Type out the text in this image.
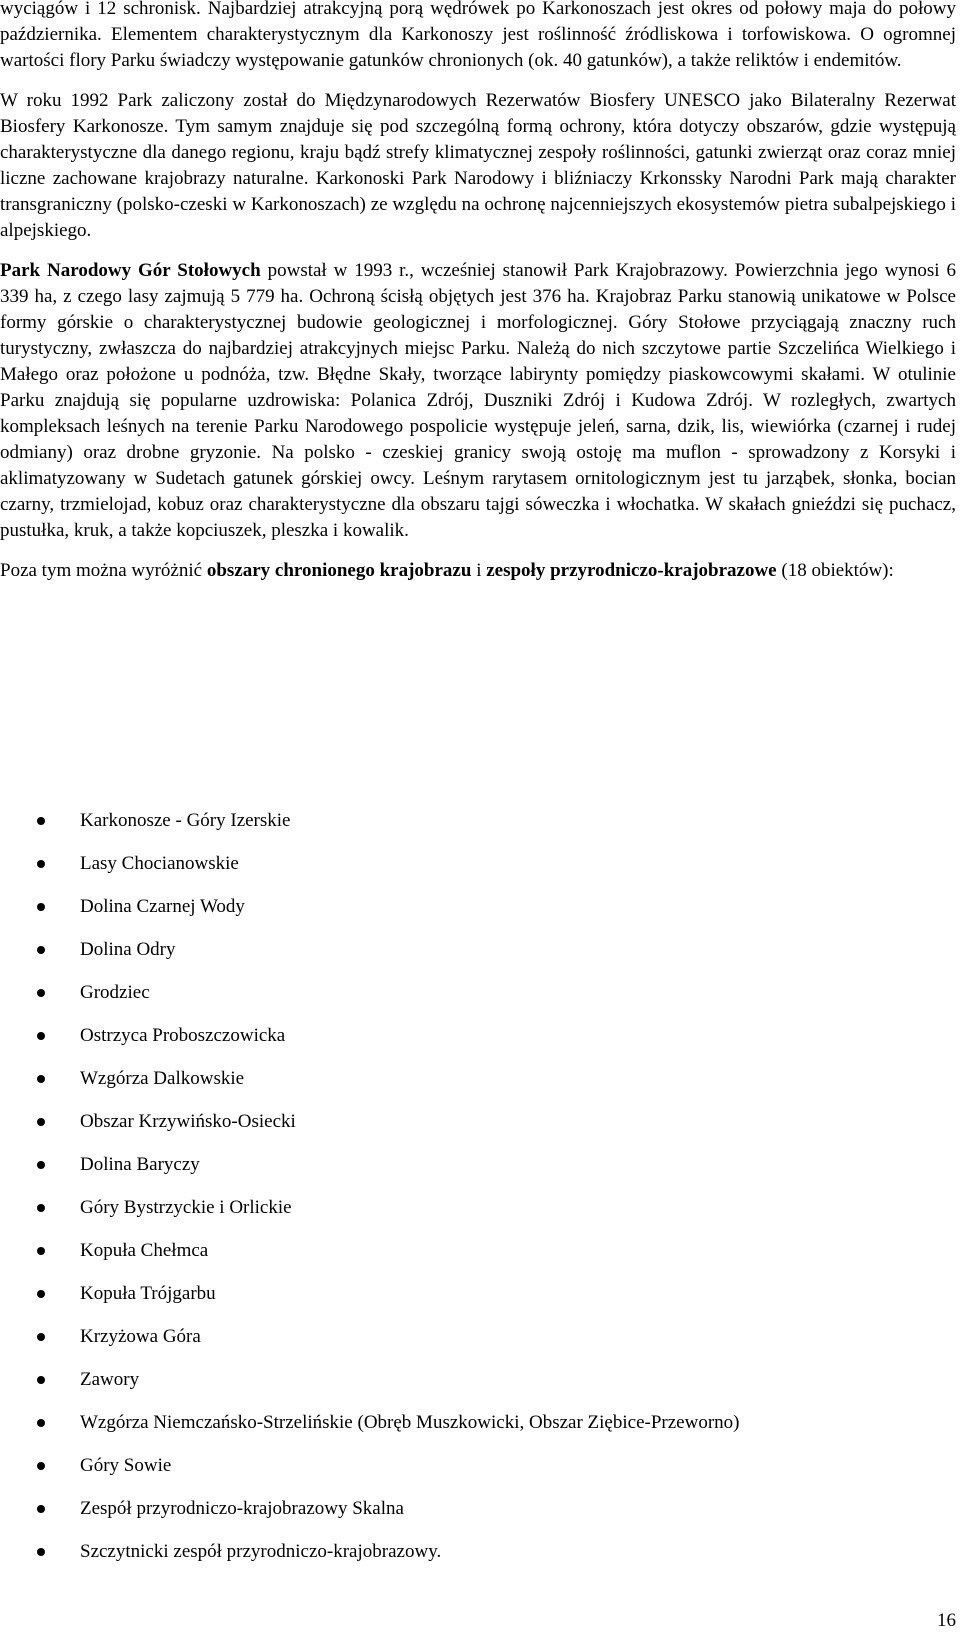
wyciągów i 12 schronisk. Najbardziej atrakcyjną porą wędrówek po Karkonoszach jest okres od połowy maja do połowy października. Elementem charakterystycznym dla Karkonoszy jest roślinność źródliskowa i torfowiskowa. O ogromnej wartości flory Parku świadczy występowanie gatunków chronionych (ok. 40 gatunków), a także reliktów i endemitów.

W roku 1992 Park zaliczony został do Międzynarodowych Rezerwatów Biosfery UNESCO jako Bilateralny Rezerwat Biosfery Karkonosze. Tym samym znajduje się pod szczególną formą ochrony, która dotyczy obszarów, gdzie występują charakterystyczne dla danego regionu, kraju bądź strefy klimatycznej zespoły roślinności, gatunki zwierząt oraz coraz mniej liczne zachowane krajobrazy naturalne. Karkonoski Park Narodowy i bliźniaczy Krkonssky Narodni Park mają charakter transgraniczny (polsko-czeski w Karkonoszach) ze względu na ochronę najcenniejszych ekosystemów pietra subalpejskiego i alpejskiego.

Park Narodowy Gór Stołowych powstał w 1993 r., wcześniej stanowił Park Krajobrazowy. Powierzchnia jego wynosi 6 339 ha, z czego lasy zajmują 5 779 ha. Ochroną ścisłą objętych jest 376 ha. Krajobraz Parku stanowią unikatowe w Polsce formy górskie o charakterystycznej budowie geologicznej i morfologicznej. Góry Stołowe przyciągają znaczny ruch turystyczny, zwłaszcza do najbardziej atrakcyjnych miejsc Parku. Należą do nich szczytowe partie Szczelińca Wielkiego i Małego oraz położone u podnóża, tzw. Błędne Skały, tworzące labirynty pomiędzy piaskowcowymi skałami. W otulinie Parku znajdują się popularne uzdrowiska: Polanica Zdrój, Duszniki Zdrój i Kudowa Zdrój. W rozległych, zwartych kompleksach leśnych na terenie Parku Narodowego pospolicie występuje jeleń, sarna, dzik, lis, wiewiórka (czarnej i rudej odmiany) oraz drobne gryzonie. Na polsko - czeskiej granicy swoją ostoję ma muflon - sprowadzony z Korsyki i aklimatyzowany w Sudetach gatunek górskiej owcy. Leśnym rarytasem ornitologicznym jest tu jarząbek, słonka, bocian czarny, trzmielojad, kobuz oraz charakterystyczne dla obszaru tajgi sóweczka i włochatka. W skałach gnieździ się puchacz, pustułka, kruk, a także kopciuszek, pleszka i kowalik.

Poza tym można wyróżnić obszary chronionego krajobrazu i zespoły przyrodniczo-krajobrazowe (18 obiektów):

Karkonosze - Góry Izerskie
Lasy Chocianowskie
Dolina Czarnej Wody
Dolina Odry
Grodziec
Ostrzyca Proboszczowicka
Wzgórza Dalkowskie
Obszar Krzywińsko-Osiecki
Dolina Baryczy
Góry Bystrzyckie i Orlickie
Kopuła Chełmca
Kopuła Trójgarbu
Krzyżowa Góra
Zawory
Wzgórza Niemczańsko-Strzelińskie (Obręb Muszkowicki, Obszar Ziębice-Przeworno)
Góry Sowie
Zespół przyrodniczo-krajobrazowy Skalna
Szczytnicki zespół przyrodniczo-krajobrazowy.
16
